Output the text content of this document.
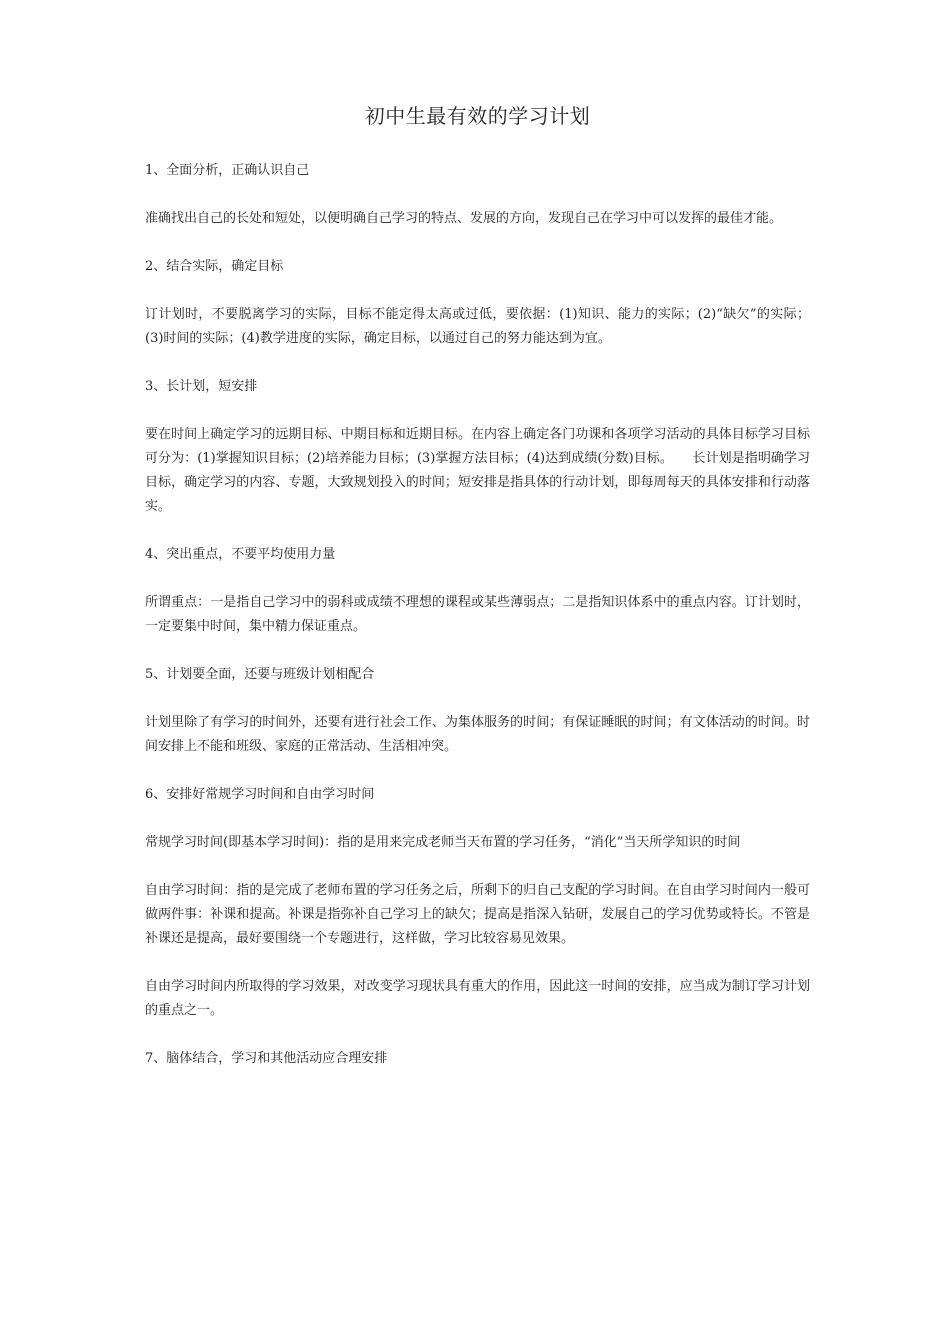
初中生最有效的学习计划

1、全面分析，正确认识自己

准确找出自己的长处和短处，以便明确自己学习的特点、发展的方向，发现自己在学习中可以发挥的最佳才能。

2、结合实际，确定目标

订计划时，不要脱离学习的实际，目标不能定得太高或过低，要依据：(1)知识、能力的实际；(2)“缺欠”的实际；(3)时间的实际；(4)教学进度的实际，确定目标，以通过自己的努力能达到为宜。

3、长计划，短安排

要在时间上确定学习的远期目标、中期目标和近期目标。在内容上确定各门功课和各项学习活动的具体目标学习目标可分为：(1)掌握知识目标；(2)培养能力目标；(3)掌握方法目标；(4)达到成绩(分数)目标。　　长计划是指明确学习目标，确定学习的内容、专题，大致规划投入的时间；短安排是指具体的行动计划，即每周每天的具体安排和行动落实。

4、突出重点，不要平均使用力量

所谓重点：一是指自己学习中的弱科或成绩不理想的课程或某些薄弱点；二是指知识体系中的重点内容。订计划时，一定要集中时间，集中精力保证重点。

5、计划要全面，还要与班级计划相配合

计划里除了有学习的时间外，还要有进行社会工作、为集体服务的时间；有保证睡眠的时间；有文体活动的时间。时间安排上不能和班级、家庭的正常活动、生活相冲突。

6、安排好常规学习时间和自由学习时间

常规学习时间(即基本学习时间)：指的是用来完成老师当天布置的学习任务，“消化”当天所学知识的时间

自由学习时间：指的是完成了老师布置的学习任务之后，所剩下的归自己支配的学习时间。在自由学习时间内一般可做两件事：补课和提高。补课是指弥补自己学习上的缺欠；提高是指深入钻研，发展自己的学习优势或特长。不管是补课还是提高，最好要围绕一个专题进行，这样做，学习比较容易见效果。

自由学习时间内所取得的学习效果，对改变学习现状具有重大的作用，因此这一时间的安排，应当成为制订学习计划的重点之一。

7、脑体结合，学习和其他活动应合理安排
